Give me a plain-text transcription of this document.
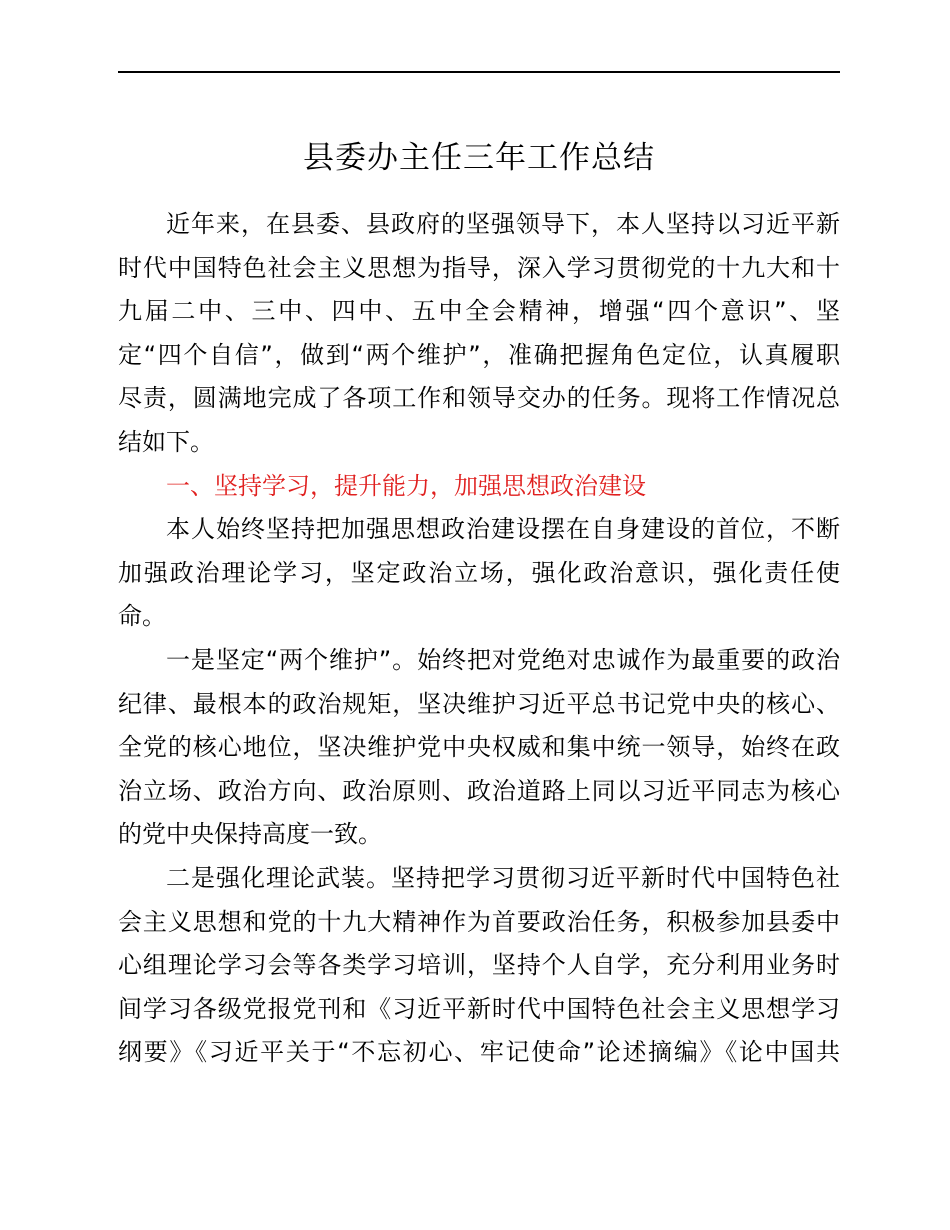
县委办主任三年工作总结
近年来，在县委、县政府的坚强领导下，本人坚持以习近平新
时代中国特色社会主义思想为指导，深入学习贯彻党的十九大和十
九届二中、三中、四中、五中全会精神，增强“四个意识”、坚
定“四个自信”，做到“两个维护”，准确把握角色定位，认真履职
尽责，圆满地完成了各项工作和领导交办的任务。现将工作情况总
结如下。
一、坚持学习，提升能力，加强思想政治建设
本人始终坚持把加强思想政治建设摆在自身建设的首位，不断
加强政治理论学习，坚定政治立场，强化政治意识，强化责任使
命。
一是坚定“两个维护”。始终把对党绝对忠诚作为最重要的政治
纪律、最根本的政治规矩，坚决维护习近平总书记党中央的核心、
全党的核心地位，坚决维护党中央权威和集中统一领导，始终在政
治立场、政治方向、政治原则、政治道路上同以习近平同志为核心
的党中央保持高度一致。
二是强化理论武装。坚持把学习贯彻习近平新时代中国特色社
会主义思想和党的十九大精神作为首要政治任务，积极参加县委中
心组理论学习会等各类学习培训，坚持个人自学，充分利用业务时
间学习各级党报党刊和《习近平新时代中国特色社会主义思想学习
纲要》《习近平关于“不忘初心、牢记使命”论述摘编》《论中国共
